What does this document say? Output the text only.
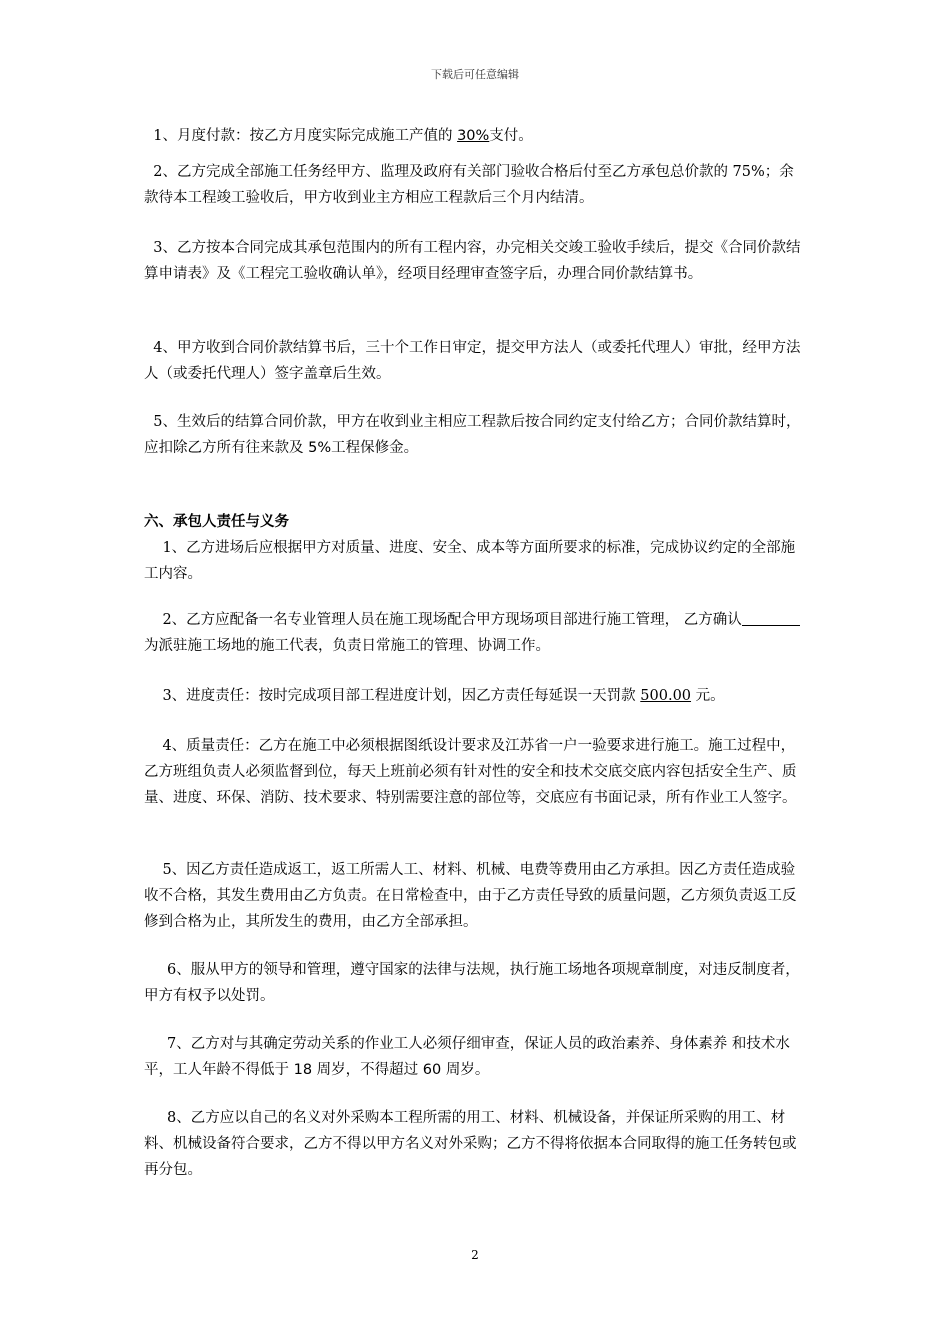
下载后可任意编辑
1、月度付款：按乙方月度实际完成施工产值的 30%支付。
2、乙方完成全部施工任务经甲方、监理及政府有关部门验收合格后付至乙方承包总价款的 75%；余款待本工程竣工验收后，甲方收到业主方相应工程款后三个月内结清。
3、乙方按本合同完成其承包范围内的所有工程内容，办完相关交竣工验收手续后，提交《合同价款结算申请表》及《工程完工验收确认单》，经项目经理审查签字后，办理合同价款结算书。
4、甲方收到合同价款结算书后，三十个工作日审定，提交甲方法人（或委托代理人）审批，经甲方法人（或委托代理人）签字盖章后生效。
5、生效后的结算合同价款，甲方在收到业主相应工程款后按合同约定支付给乙方；合同价款结算时，应扣除乙方所有往来款及 5%工程保修金。
六、承包人责任与义务
1、乙方进场后应根据甲方对质量、进度、安全、成本等方面所要求的标准，完成协议约定的全部施工内容。
2、乙方应配备一名专业管理人员在施工现场配合甲方现场项目部进行施工管理， 乙方确认为派驻施工场地的施工代表，负责日常施工的管理、协调工作。
3、进度责任：按时完成项目部工程进度计划，因乙方责任每延误一天罚款 500.00 元。
4、质量责任：乙方在施工中必须根据图纸设计要求及江苏省一户一验要求进行施工。施工过程中，乙方班组负责人必须监督到位，每天上班前必须有针对性的安全和技术交底交底内容包括安全生产、质量、进度、环保、消防、技术要求、特别需要注意的部位等，交底应有书面记录，所有作业工人签字。
5、因乙方责任造成返工，返工所需人工、材料、机械、电费等费用由乙方承担。因乙方责任造成验收不合格，其发生费用由乙方负责。在日常检查中，由于乙方责任导致的质量问题，乙方须负责返工反修到合格为止，其所发生的费用，由乙方全部承担。
6、服从甲方的领导和管理，遵守国家的法律与法规，执行施工场地各项规章制度，对违反制度者，甲方有权予以处罚。
7、乙方对与其确定劳动关系的作业工人必须仔细审查，保证人员的政治素养、身体素养 和技术水平，工人年龄不得低于 18 周岁，不得超过 60 周岁。
8、乙方应以自己的名义对外采购本工程所需的用工、材料、机械设备，并保证所采购的用工、材料、机械设备符合要求，乙方不得以甲方名义对外采购；乙方不得将依据本合同取得的施工任务转包或再分包。
2
